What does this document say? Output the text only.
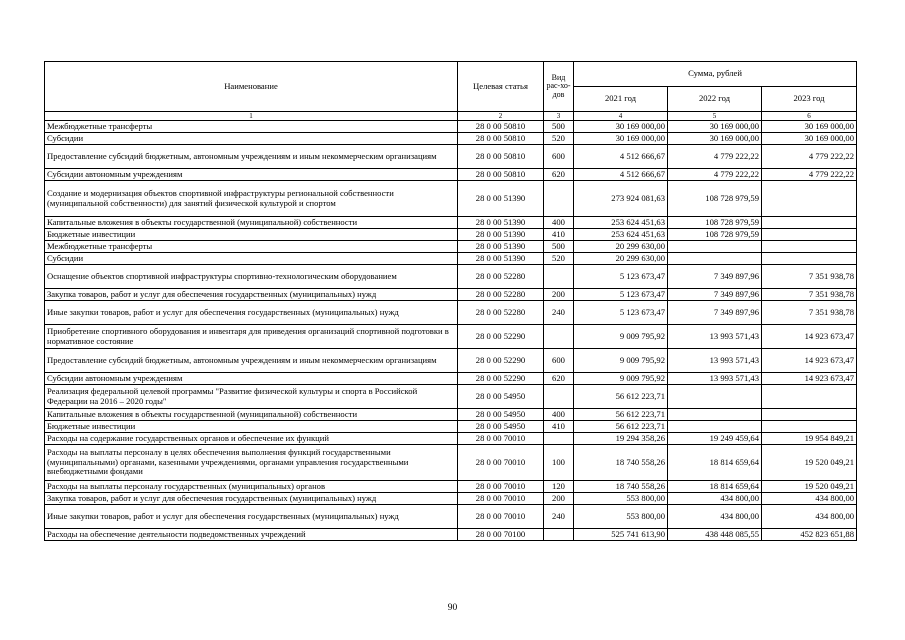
Наименование	Целевая статья	Вид рас-хо-дов	Сумма, рублей		
			2021 год	2022 год	2023 год
1	2	3	4	5	6
Межбюджетные трансферты	28 0 00 50810	500	30 169 000,00	30 169 000,00	30 169 000,00
Субсидии	28 0 00 50810	520	30 169 000,00	30 169 000,00	30 169 000,00
Предоставление субсидий бюджетным, автономным учреждениям и иным некоммерческим организациям	28 0 00 50810	600	4 512 666,67	4 779 222,22	4 779 222,22
Субсидии автономным учреждениям	28 0 00 50810	620	4 512 666,67	4 779 222,22	4 779 222,22
Создание и модернизация объектов спортивной инфраструктуры региональной собственности (муниципальной собственности) для занятий физической культурой и спортом	28 0 00 51390		273 924 081,63	108 728 979,59	
Капитальные вложения в объекты государственной (муниципальной) собственности	28 0 00 51390	400	253 624 451,63	108 728 979,59	
Бюджетные инвестиции	28 0 00 51390	410	253 624 451,63	108 728 979,59	
Межбюджетные трансферты	28 0 00 51390	500	20 299 630,00		
Субсидии	28 0 00 51390	520	20 299 630,00		
Оснащение объектов спортивной инфраструктуры спортивно-технологическим оборудованием	28 0 00 52280		5 123 673,47	7 349 897,96	7 351 938,78
Закупка товаров, работ и услуг для обеспечения государственных (муниципальных) нужд	28 0 00 52280	200	5 123 673,47	7 349 897,96	7 351 938,78
Иные закупки товаров, работ и услуг для обеспечения государственных (муниципальных) нужд	28 0 00 52280	240	5 123 673,47	7 349 897,96	7 351 938,78
Приобретение спортивного оборудования и инвентаря для приведения организаций спортивной подготовки в нормативное состояние	28 0 00 52290		9 009 795,92	13 993 571,43	14 923 673,47
Предоставление субсидий бюджетным, автономным учреждениям и иным некоммерческим организациям	28 0 00 52290	600	9 009 795,92	13 993 571,43	14 923 673,47
Субсидии автономным учреждениям	28 0 00 52290	620	9 009 795,92	13 993 571,43	14 923 673,47
Реализация федеральной целевой программы "Развитие физической культуры и спорта в Российской Федерации на 2016 – 2020 годы"	28 0 00 54950		56 612 223,71		
Капитальные вложения в объекты государственной (муниципальной) собственности	28 0 00 54950	400	56 612 223,71		
Бюджетные инвестиции	28 0 00 54950	410	56 612 223,71		
Расходы на содержание государственных органов и обеспечение их функций	28 0 00 70010		19 294 358,26	19 249 459,64	19 954 849,21
Расходы на выплаты персоналу в целях обеспечения выполнения функций государственными (муниципальными) органами, казенными учреждениями, органами управления государственными внебюджетными фондами	28 0 00 70010	100	18 740 558,26	18 814 659,64	19 520 049,21
Расходы на выплаты персоналу государственных (муниципальных) органов	28 0 00 70010	120	18 740 558,26	18 814 659,64	19 520 049,21
Закупка товаров, работ и услуг для обеспечения государственных (муниципальных) нужд	28 0 00 70010	200	553 800,00	434 800,00	434 800,00
Иные закупки товаров, работ и услуг для обеспечения государственных (муниципальных) нужд	28 0 00 70010	240	553 800,00	434 800,00	434 800,00
Расходы на обеспечение деятельности подведомственных учреждений	28 0 00 70100		525 741 613,90	438 448 085,55	452 823 651,88
90
